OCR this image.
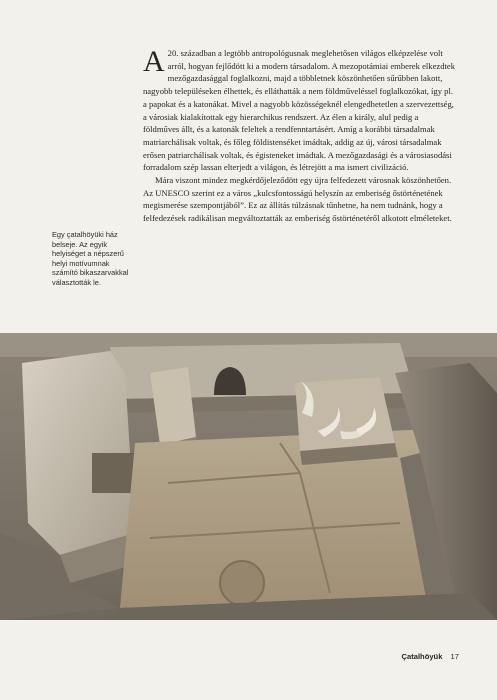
A 20. században a legtöbb antropológusnak meglehetősen világos elképzelése volt arról, hogyan fejlődött ki a modern társadalom. A mezopotámiai emberek elkezdtek mezőgazdasággal foglalkozni, majd a többletnek köszönhetően sűrűbben lakott, nagyobb településeken élhettek, és elláthatták a nem földműveléssel foglalkozókat, így pl. a papokat és a katonákat. Mivel a nagyobb közösségeknél elengedhetetlen a szervezettség, a városiak kialakítottak egy hierarchikus rendszert. Az élen a király, alul pedig a földműves állt, és a katonák feleltek a rendfenntartásért. Amíg a korábbi társadalmak matriarchálisak voltak, és főleg földistenséket imádtak, addig az új, városi társadalmak erősen patriarchálisak voltak, és égisteneket imádtak. A mezőgazdasági és a városiasodási forradalom szép lassan elterjedt a világon, és létrejött a ma ismert civilizáció.

Mára viszont mindez megkérdőjeleződött egy újra felfedezett városnak köszönhetően. Az UNESCO szerint ez a város „kulcsfontosságú helyszín az emberiség őstörténetének megismerése szempontjából”. Ez az állítás túlzásnak tűnhetne, ha nem tudnánk, hogy a felfedezések radikálisan megváltoztatták az emberiség őstörténetéről alkotott elméleteket.

Egy çatalhöyüki ház belseje. Az egyik helyiséget a népszerű helyi motívumnak számító bikaszarvakkal választották le.
Çatalhöyük 17
